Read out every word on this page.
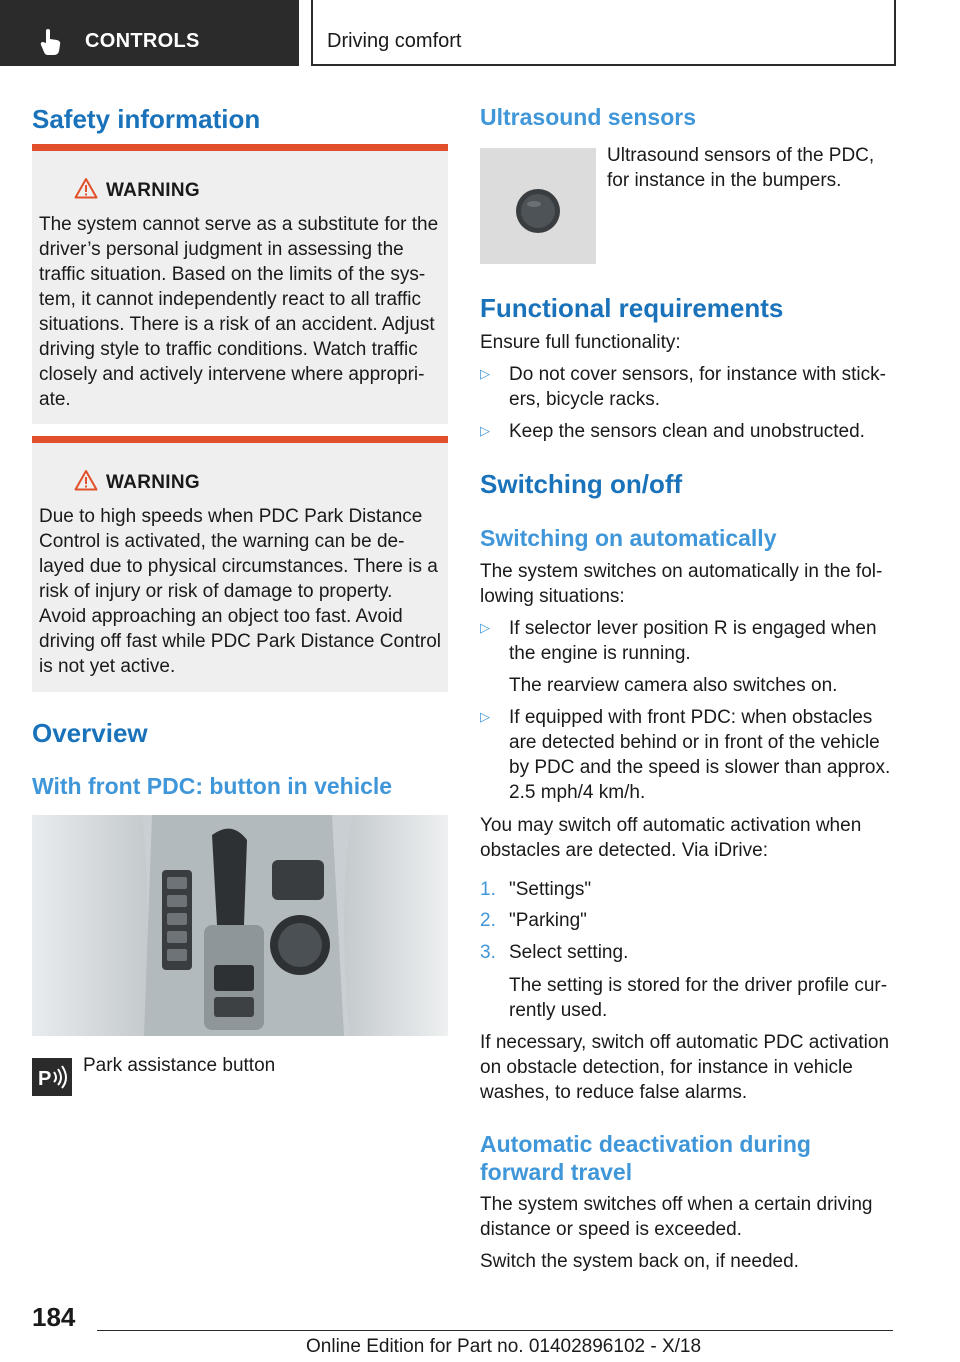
CONTROLS	Driving comfort
Safety information
WARNING
The system cannot serve as a substitute for the driver’s personal judgment in assessing the traffic situation. Based on the limits of the sys-tem, it cannot independently react to all traffic situations. There is a risk of an accident. Adjust driving style to traffic conditions. Watch traffic closely and actively intervene where appropri-ate.
WARNING
Due to high speeds when PDC Park Distance Control is activated, the warning can be de-layed due to physical circumstances. There is a risk of injury or risk of damage to property. Avoid approaching an object too fast. Avoid driving off fast while PDC Park Distance Control is not yet active.
Overview
With front PDC: button in vehicle
P
Park assistance button
Ultrasound sensors
Ultrasound sensors of the PDC, for instance in the bumpers.
Functional requirements
Ensure full functionality:
▷ Do not cover sensors, for instance with stick-ers, bicycle racks.
▷ Keep the sensors clean and unobstructed.
Switching on/off
Switching on automatically
The system switches on automatically in the fol-lowing situations:
▷ If selector lever position R is engaged when the engine is running.
The rearview camera also switches on.
▷ If equipped with front PDC: when obstacles are detected behind or in front of the vehicle by PDC and the speed is slower than approx. 2.5 mph/4 km/h.
You may switch off automatic activation when obstacles are detected. Via iDrive:
1. "Settings"
2. "Parking"
3. Select setting.
The setting is stored for the driver profile cur-rently used.
If necessary, switch off automatic PDC activation on obstacle detection, for instance in vehicle washes, to reduce false alarms.
Automatic deactivation during forward travel
The system switches off when a certain driving distance or speed is exceeded.
Switch the system back on, if needed.
184
Online Edition for Part no. 01402896102 - X/18
